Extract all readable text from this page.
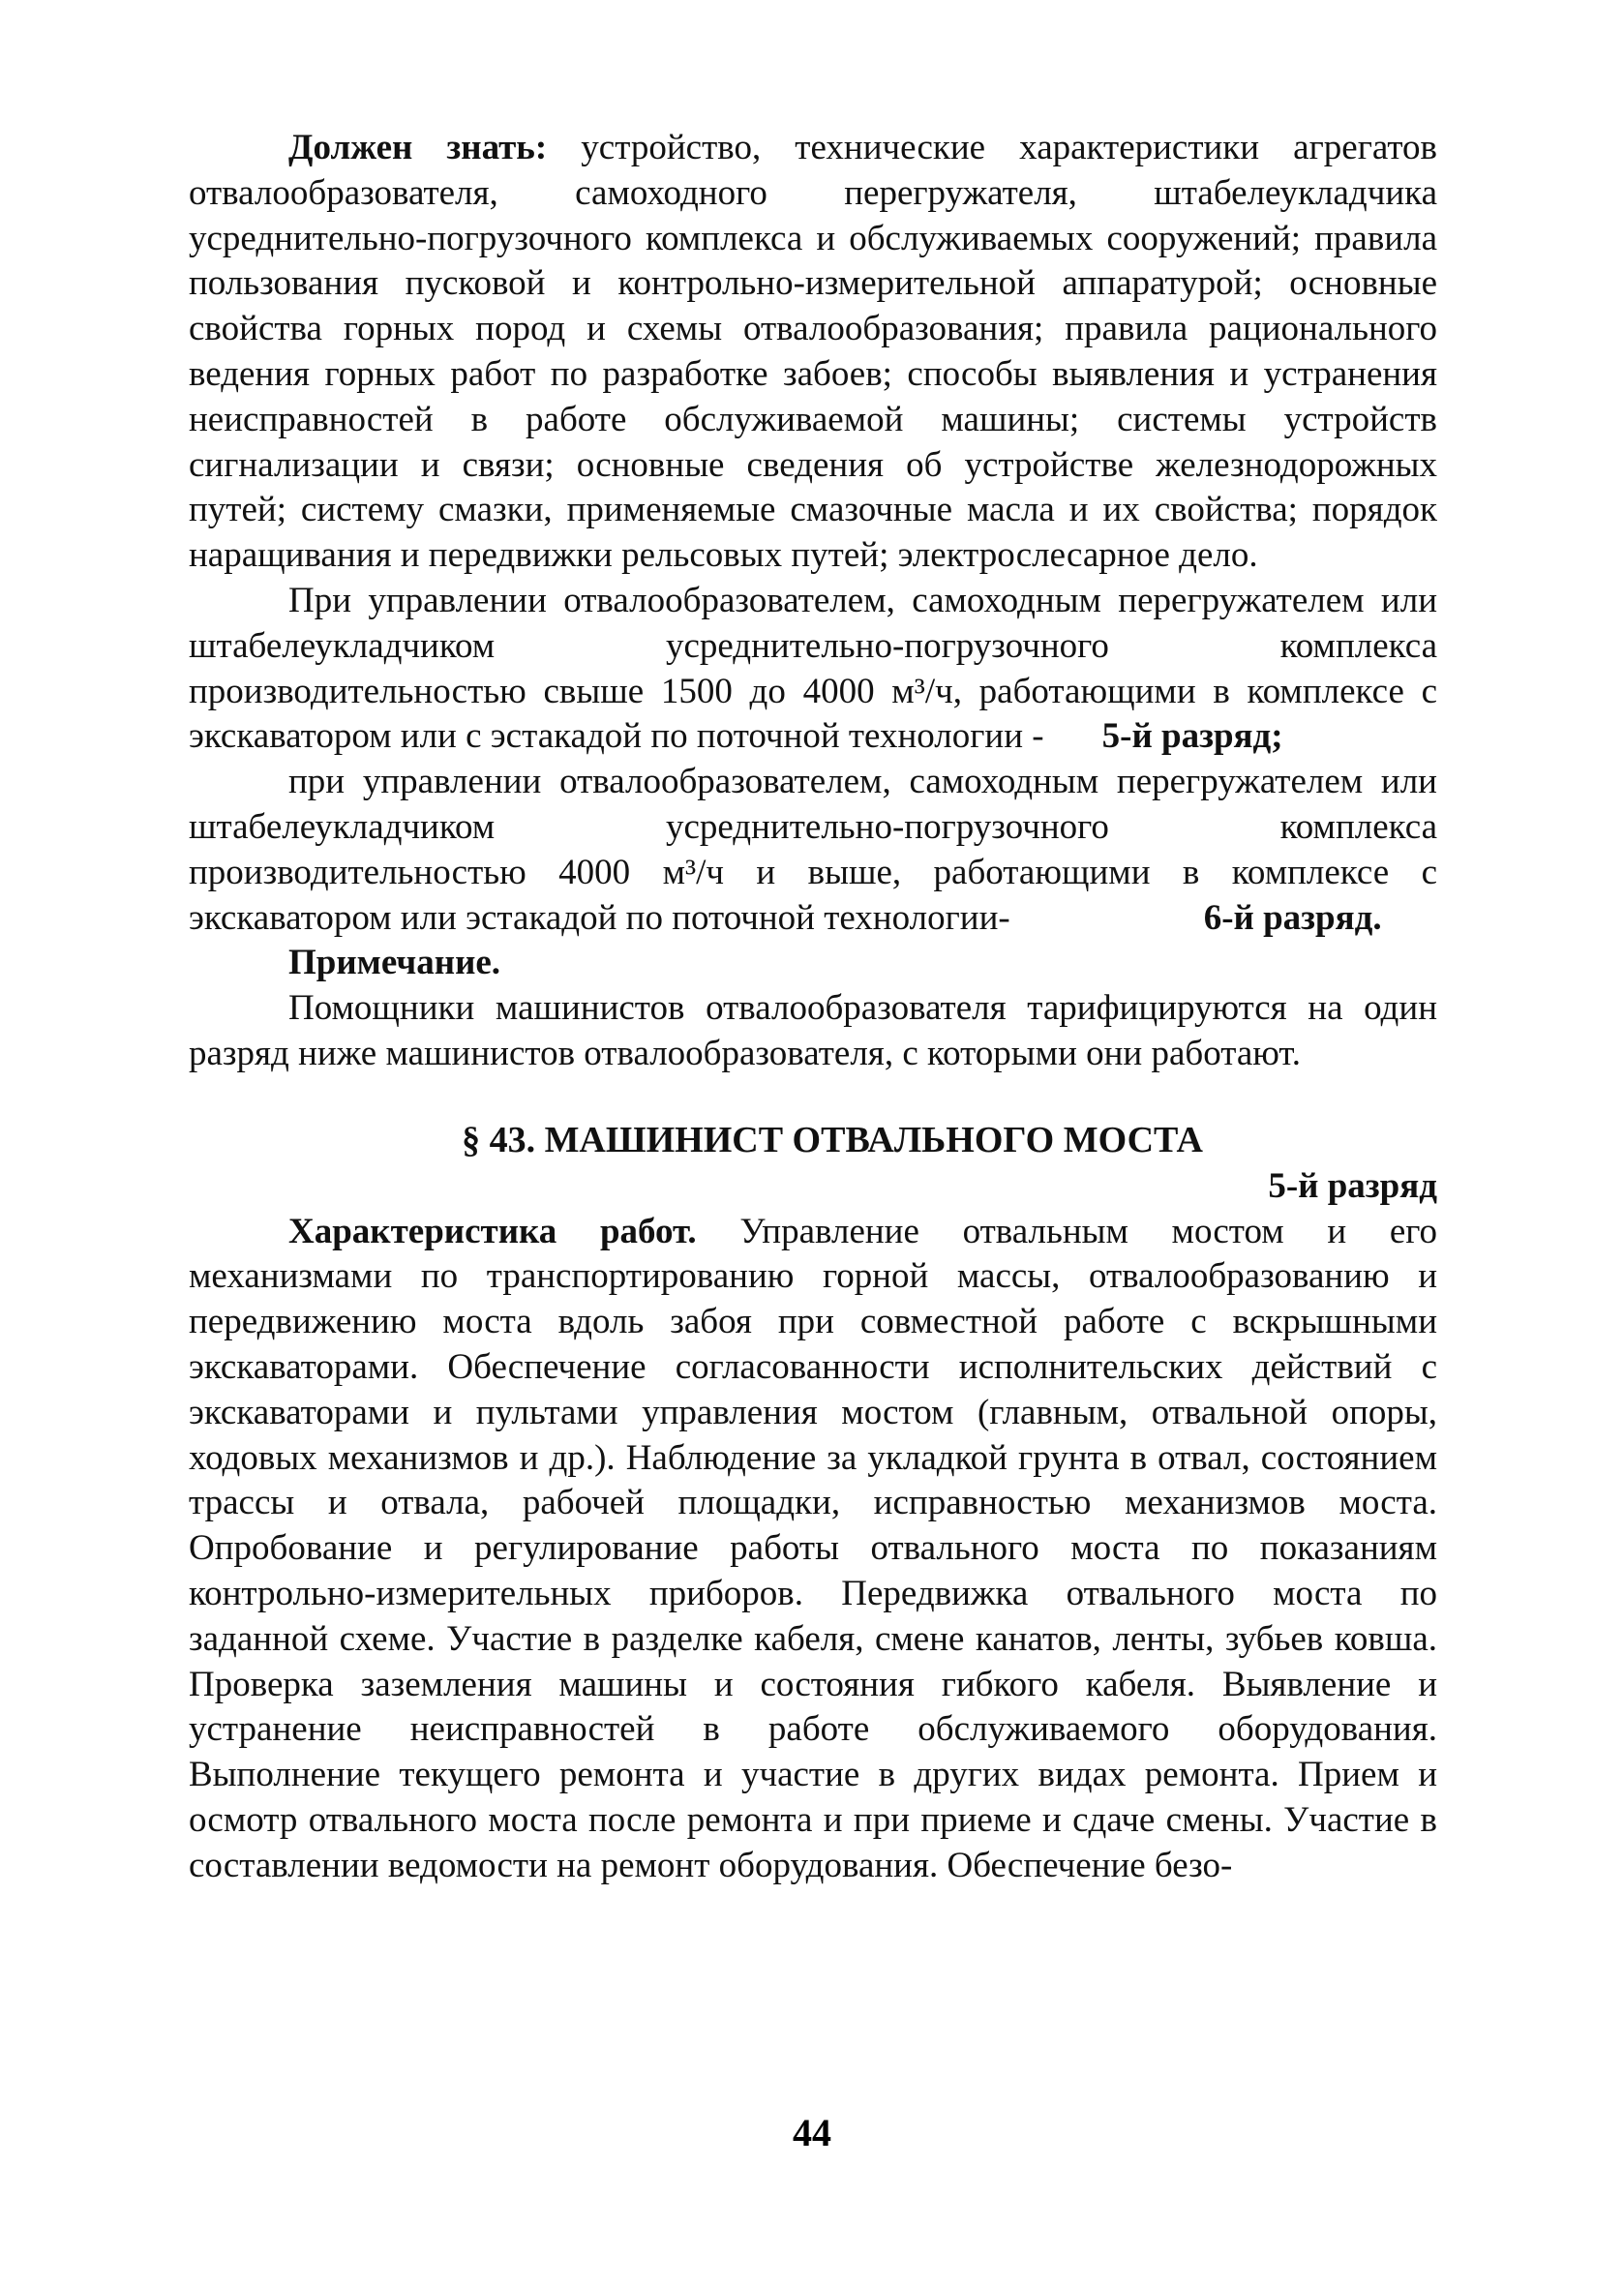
Должен знать: устройство, технические характеристики агрегатов отвалообразователя, самоходного перегружателя, штабелеукладчика усреднительно-погрузочного комплекса и обслуживаемых сооружений; правила пользования пусковой и контрольно-измерительной аппаратурой; основные свойства горных пород и схемы отвалообразования; правила рационального ведения горных работ по разработке забоев; способы выявления и устранения неисправностей в работе обслуживаемой машины; системы устройств сигнализации и связи; основные сведения об устройстве железнодорожных путей; систему смазки, применяемые смазочные масла и их свойства; порядок наращивания и передвижки рельсовых путей; электрослесарное дело.

При управлении отвалообразователем, самоходным перегружателем или штабелеукладчиком усреднительно-погрузочного комплекса производительностью свыше 1500 до 4000 м³/ч, работающими в комплексе с экскаватором или с эстакадой по поточной технологии - 5-й разряд;

при управлении отвалообразователем, самоходным перегружателем или штабелеукладчиком усреднительно-погрузочного комплекса производительностью 4000 м³/ч и выше, работающими в комплексе с экскаватором или эстакадой по поточной технологии-	6-й разряд.

Примечание.

Помощники машинистов отвалообразователя тарифицируются на один разряд ниже машинистов отвалообразователя, с которыми они работают.

§ 43. МАШИНИСТ ОТВАЛЬНОГО МОСТА
5-й разряд

Характеристика работ. Управление отвальным мостом и его механизмами по транспортированию горной массы, отвалообразованию и передвижению моста вдоль забоя при совместной работе с вскрышными экскаваторами. Обеспечение согласованности исполнительских действий с экскаваторами и пультами управления мостом (главным, отвальной опоры, ходовых механизмов и др.). Наблюдение за укладкой грунта в отвал, состоянием трассы и отвала, рабочей площадки, исправностью механизмов моста. Опробование и регулирование работы отвального моста по показаниям контрольно-измерительных приборов. Передвижка отвального моста по заданной схеме. Участие в разделке кабеля, смене канатов, ленты, зубьев ковша. Проверка заземления машины и состояния гибкого кабеля. Выявление и устранение неисправностей в работе обслуживаемого оборудования. Выполнение текущего ремонта и участие в других видах ремонта. Прием и осмотр отвального моста после ремонта и при приеме и сдаче смены. Участие в составлении ведомости на ремонт оборудования. Обеспечение безо-

44
